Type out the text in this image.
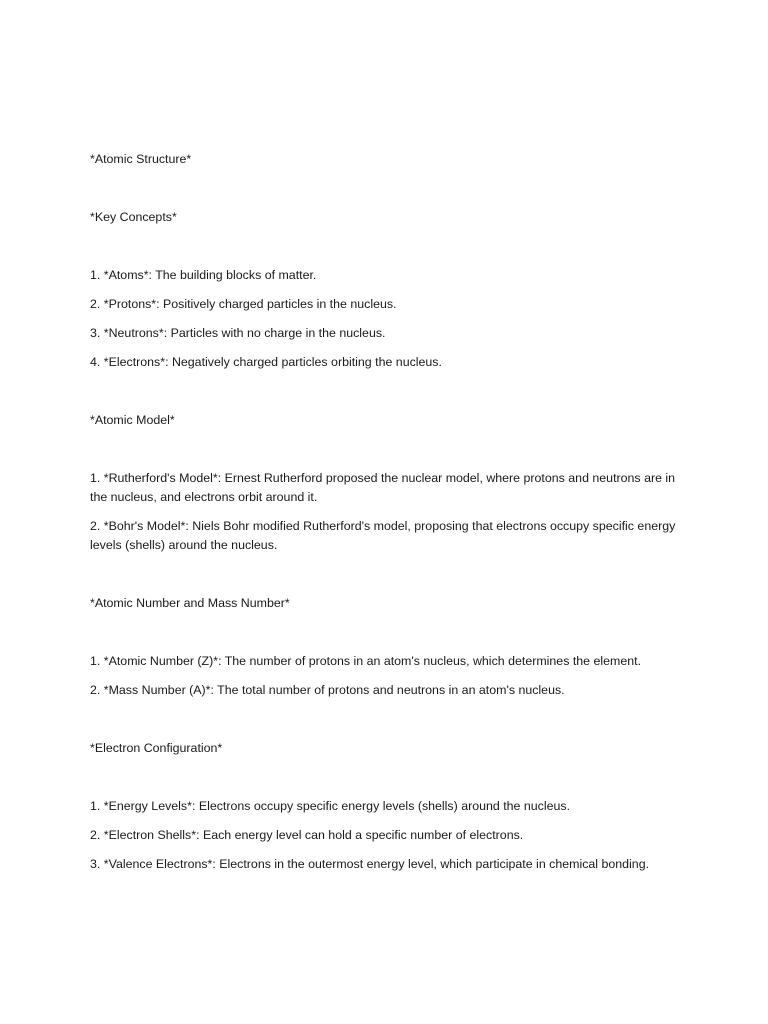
*Atomic Structure*

*Key Concepts*

1. *Atoms*: The building blocks of matter.

2. *Protons*: Positively charged particles in the nucleus.

3. *Neutrons*: Particles with no charge in the nucleus.

4. *Electrons*: Negatively charged particles orbiting the nucleus.

*Atomic Model*

1. *Rutherford's Model*: Ernest Rutherford proposed the nuclear model, where protons and neutrons are in the nucleus, and electrons orbit around it.

2. *Bohr's Model*: Niels Bohr modified Rutherford's model, proposing that electrons occupy specific energy levels (shells) around the nucleus.

*Atomic Number and Mass Number*

1. *Atomic Number (Z)*: The number of protons in an atom's nucleus, which determines the element.

2. *Mass Number (A)*: The total number of protons and neutrons in an atom's nucleus.

*Electron Configuration*

1. *Energy Levels*: Electrons occupy specific energy levels (shells) around the nucleus.

2. *Electron Shells*: Each energy level can hold a specific number of electrons.

3. *Valence Electrons*: Electrons in the outermost energy level, which participate in chemical bonding.
